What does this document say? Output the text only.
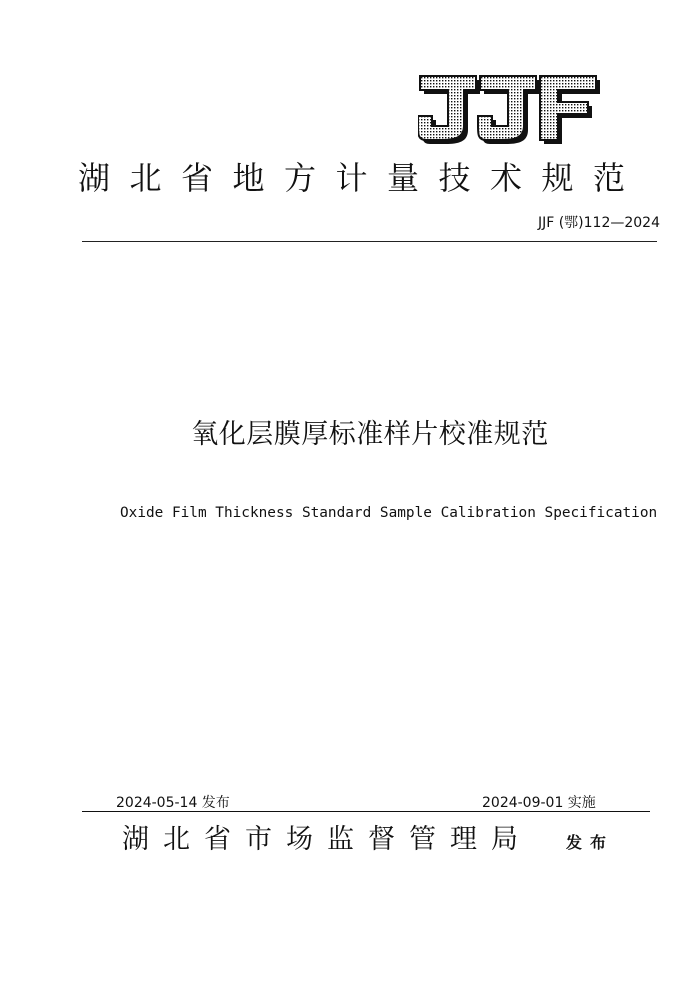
湖北省地方计量技术规范
JJF (鄂)112—2024
氧化层膜厚标准样片校准规范
Oxide Film Thickness Standard Sample Calibration Specification
2024-05-14 发布	2024-09-01 实施
湖北省市场监督管理局 发布
